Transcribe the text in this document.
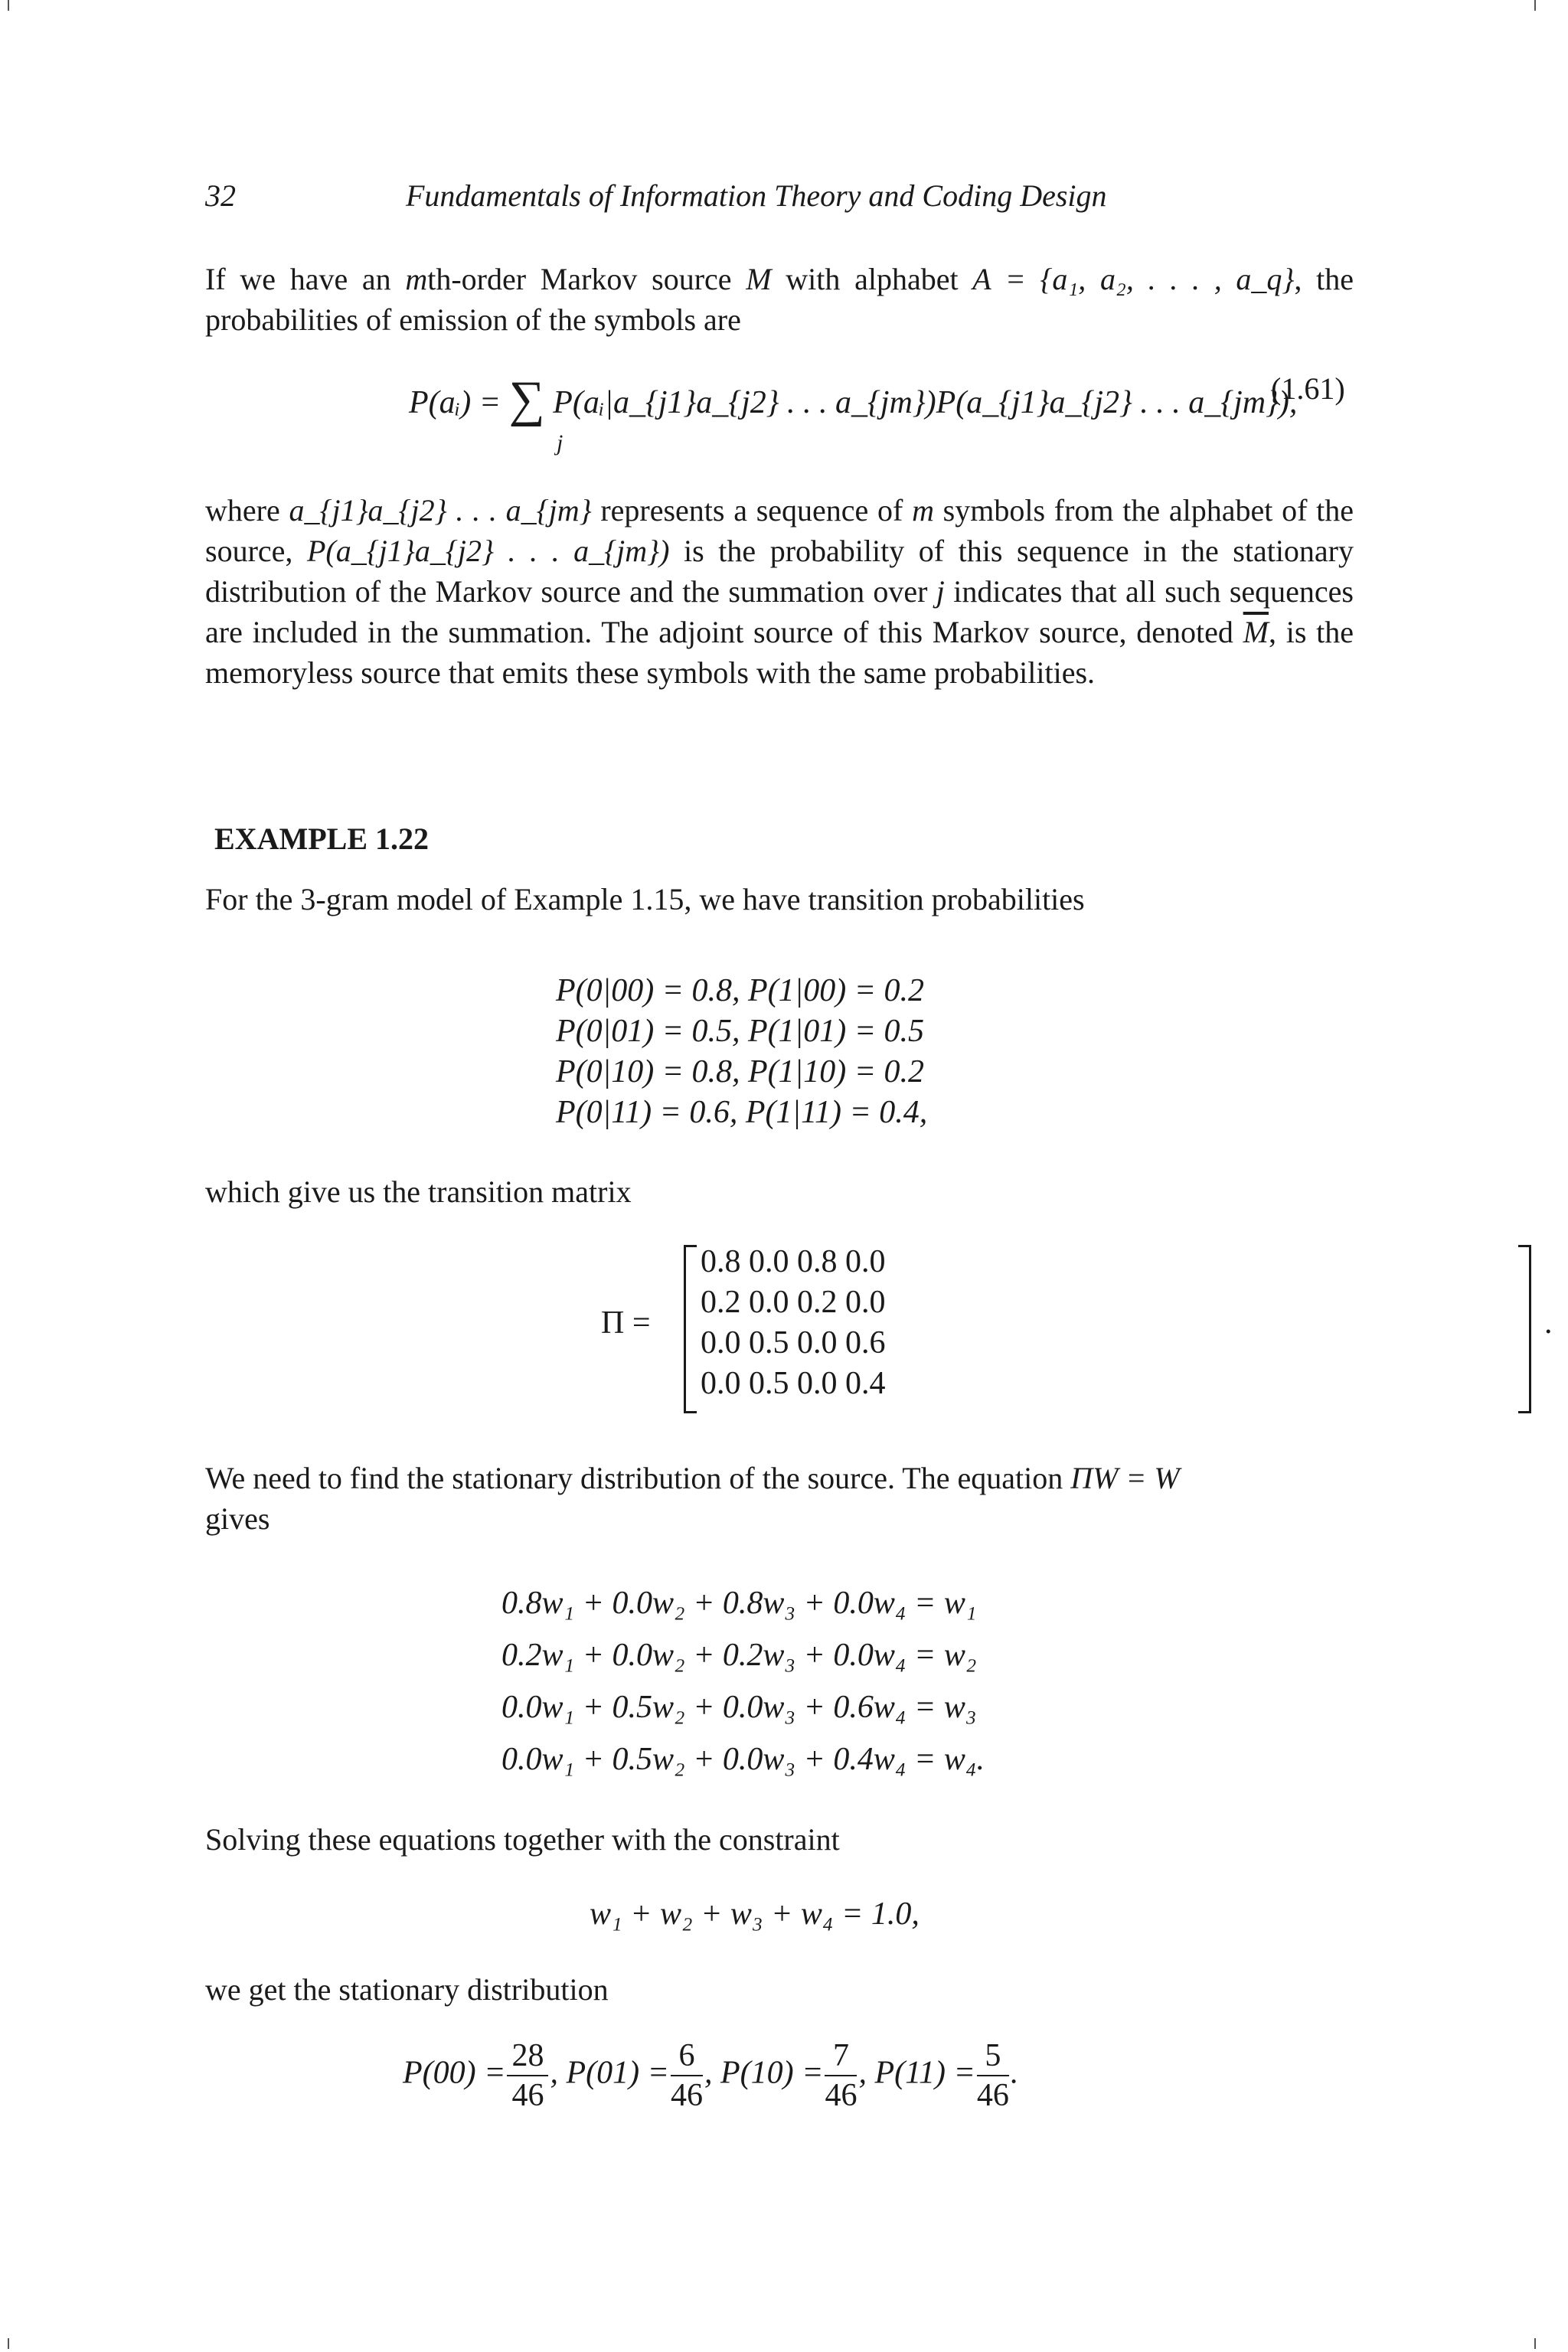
32	Fundamentals of Information Theory and Coding Design
If we have an mth-order Markov source M with alphabet A = {a₁, a₂, . . . , a_q}, the probabilities of emission of the symbols are
P(aᵢ) = ∑ P(aᵢ|a_{j1}a_{j2} . . . a_{jm})P(a_{j1}a_{j2} . . . a_{jm}),
j
(1.61)
where a_{j1}a_{j2} . . . a_{jm} represents a sequence of m symbols from the alphabet of the source, P(a_{j1}a_{j2} . . . a_{jm}) is the probability of this sequence in the stationary distribution of the Markov source and the summation over j indicates that all such sequences are included in the summation. The adjoint source of this Markov source, denoted $\overline{M}$, is the memoryless source that emits these symbols with the same probabilities.
EXAMPLE 1.22
For the 3-gram model of Example 1.15, we have transition probabilities
P(0|00) = 0.8, P(1|00) = 0.2
P(0|01) = 0.5, P(1|01) = 0.5
P(0|10) = 0.8, P(1|10) = 0.2
P(0|11) = 0.6, P(1|11) = 0.4,
which give us the transition matrix
Π =
0.8 0.0 0.8 0.0
0.2 0.0 0.2 0.0
0.0 0.5 0.0 0.6
0.0 0.5 0.0 0.4
.
We need to find the stationary distribution of the source. The equation ΠW = W
gives
0.8w₁ + 0.0w₂ + 0.8w₃ + 0.0w₄ = w₁
0.2w₁ + 0.0w₂ + 0.2w₃ + 0.0w₄ = w₂
0.0w₁ + 0.5w₂ + 0.0w₃ + 0.6w₄ = w₃
0.0w₁ + 0.5w₂ + 0.0w₃ + 0.4w₄ = w₄.
Solving these equations together with the constraint
w₁ + w₂ + w₃ + w₄ = 1.0,
we get the stationary distribution
$P(00) = \frac{28}{46}$ , $P(01) = \frac{6}{46}$ , $P(10) = \frac{7}{46}$ , $P(11) = \frac{5}{46}$ .
